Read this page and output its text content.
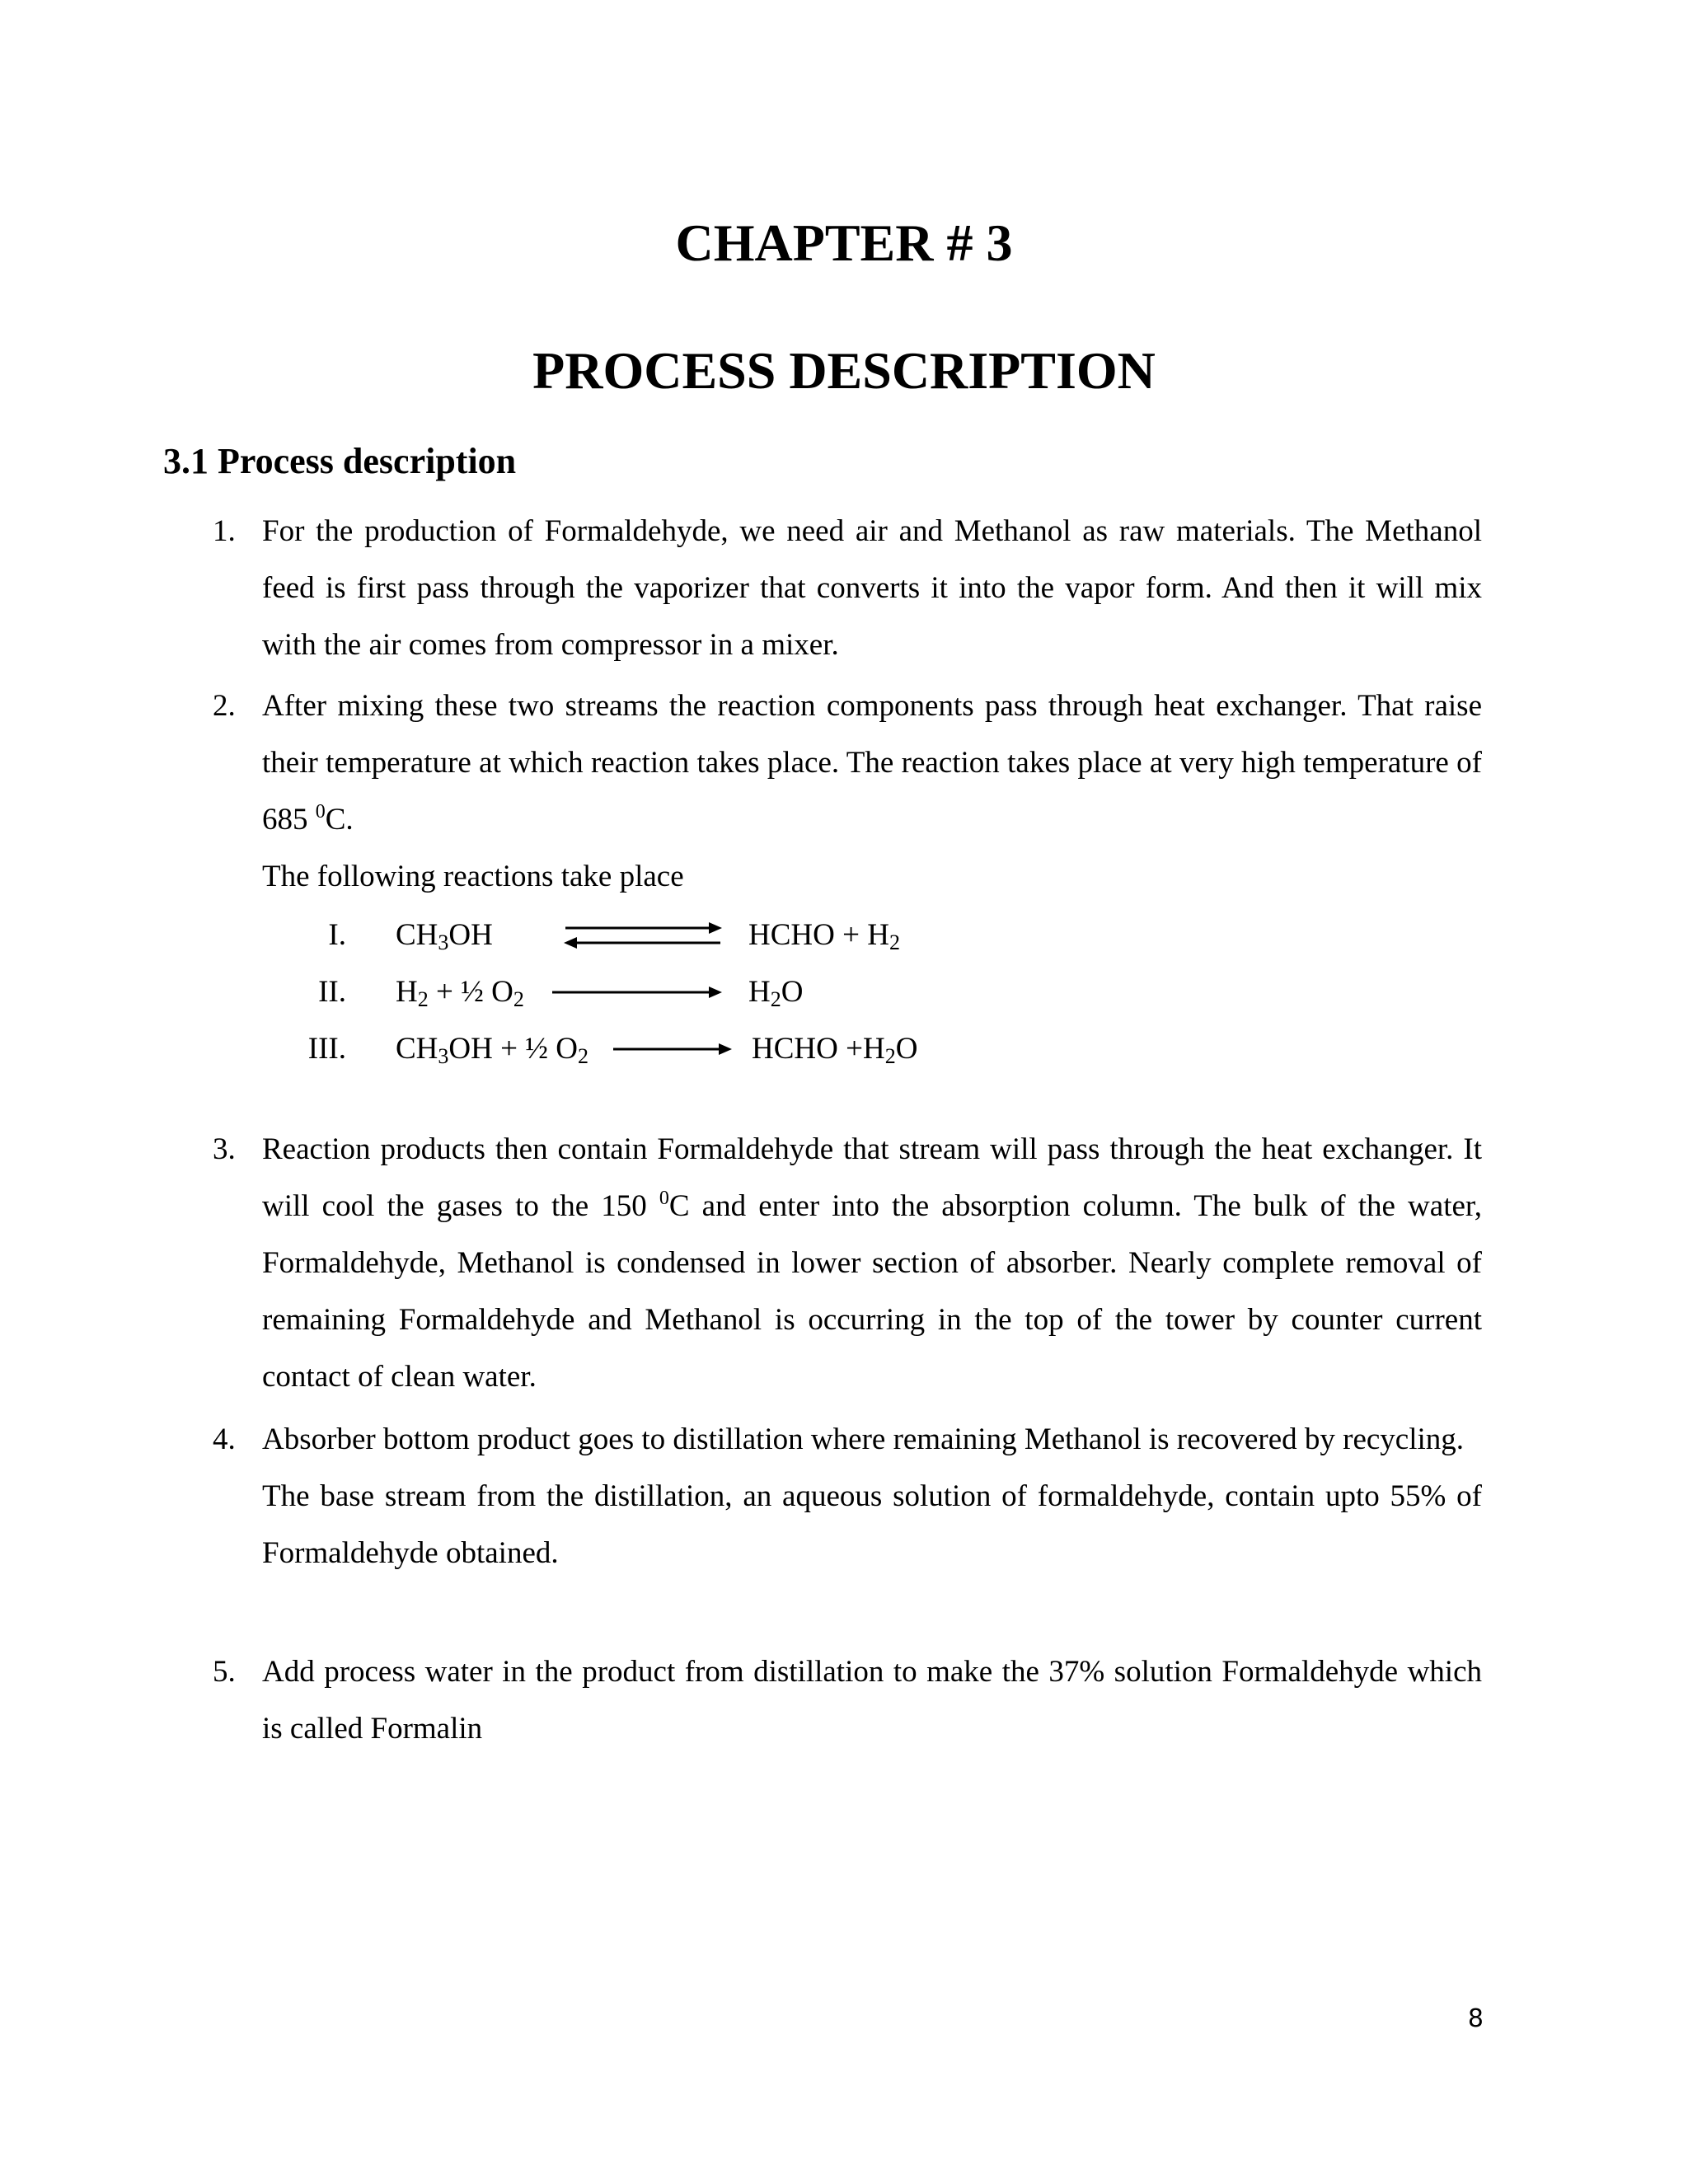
CHAPTER # 3
PROCESS DESCRIPTION
3.1 Process description
1. For the production of Formaldehyde, we need air and Methanol as raw materials. The Methanol feed is first pass through the vaporizer that converts it into the vapor form. And then it will mix with the air comes from compressor in a mixer.
2. After mixing these two streams the reaction components pass through heat exchanger. That raise their temperature at which reaction takes place. The reaction takes place at very high temperature of 685 $^0$C.
The following reactions take place
I. $CH_3OH$	HCHO + $H_2$
II. $H_2$ + ½ $O_2$	$H_2O$
III. $CH_3OH$ + ½ $O_2$	HCHO $+H_2O$
3. Reaction products then contain Formaldehyde that stream will pass through the heat exchanger. It will cool the gases to the 150 $^0$C and enter into the absorption column. The bulk of the water, Formaldehyde, Methanol is condensed in lower section of absorber. Nearly complete removal of remaining Formaldehyde and Methanol is occurring in the top of the tower by counter current contact of clean water.
4. Absorber bottom product goes to distillation where remaining Methanol is recovered by recycling.
The base stream from the distillation, an aqueous solution of formaldehyde, contain upto 55% of Formaldehyde obtained.
5. Add process water in the product from distillation to make the 37% solution Formaldehyde which is called Formalin
8
